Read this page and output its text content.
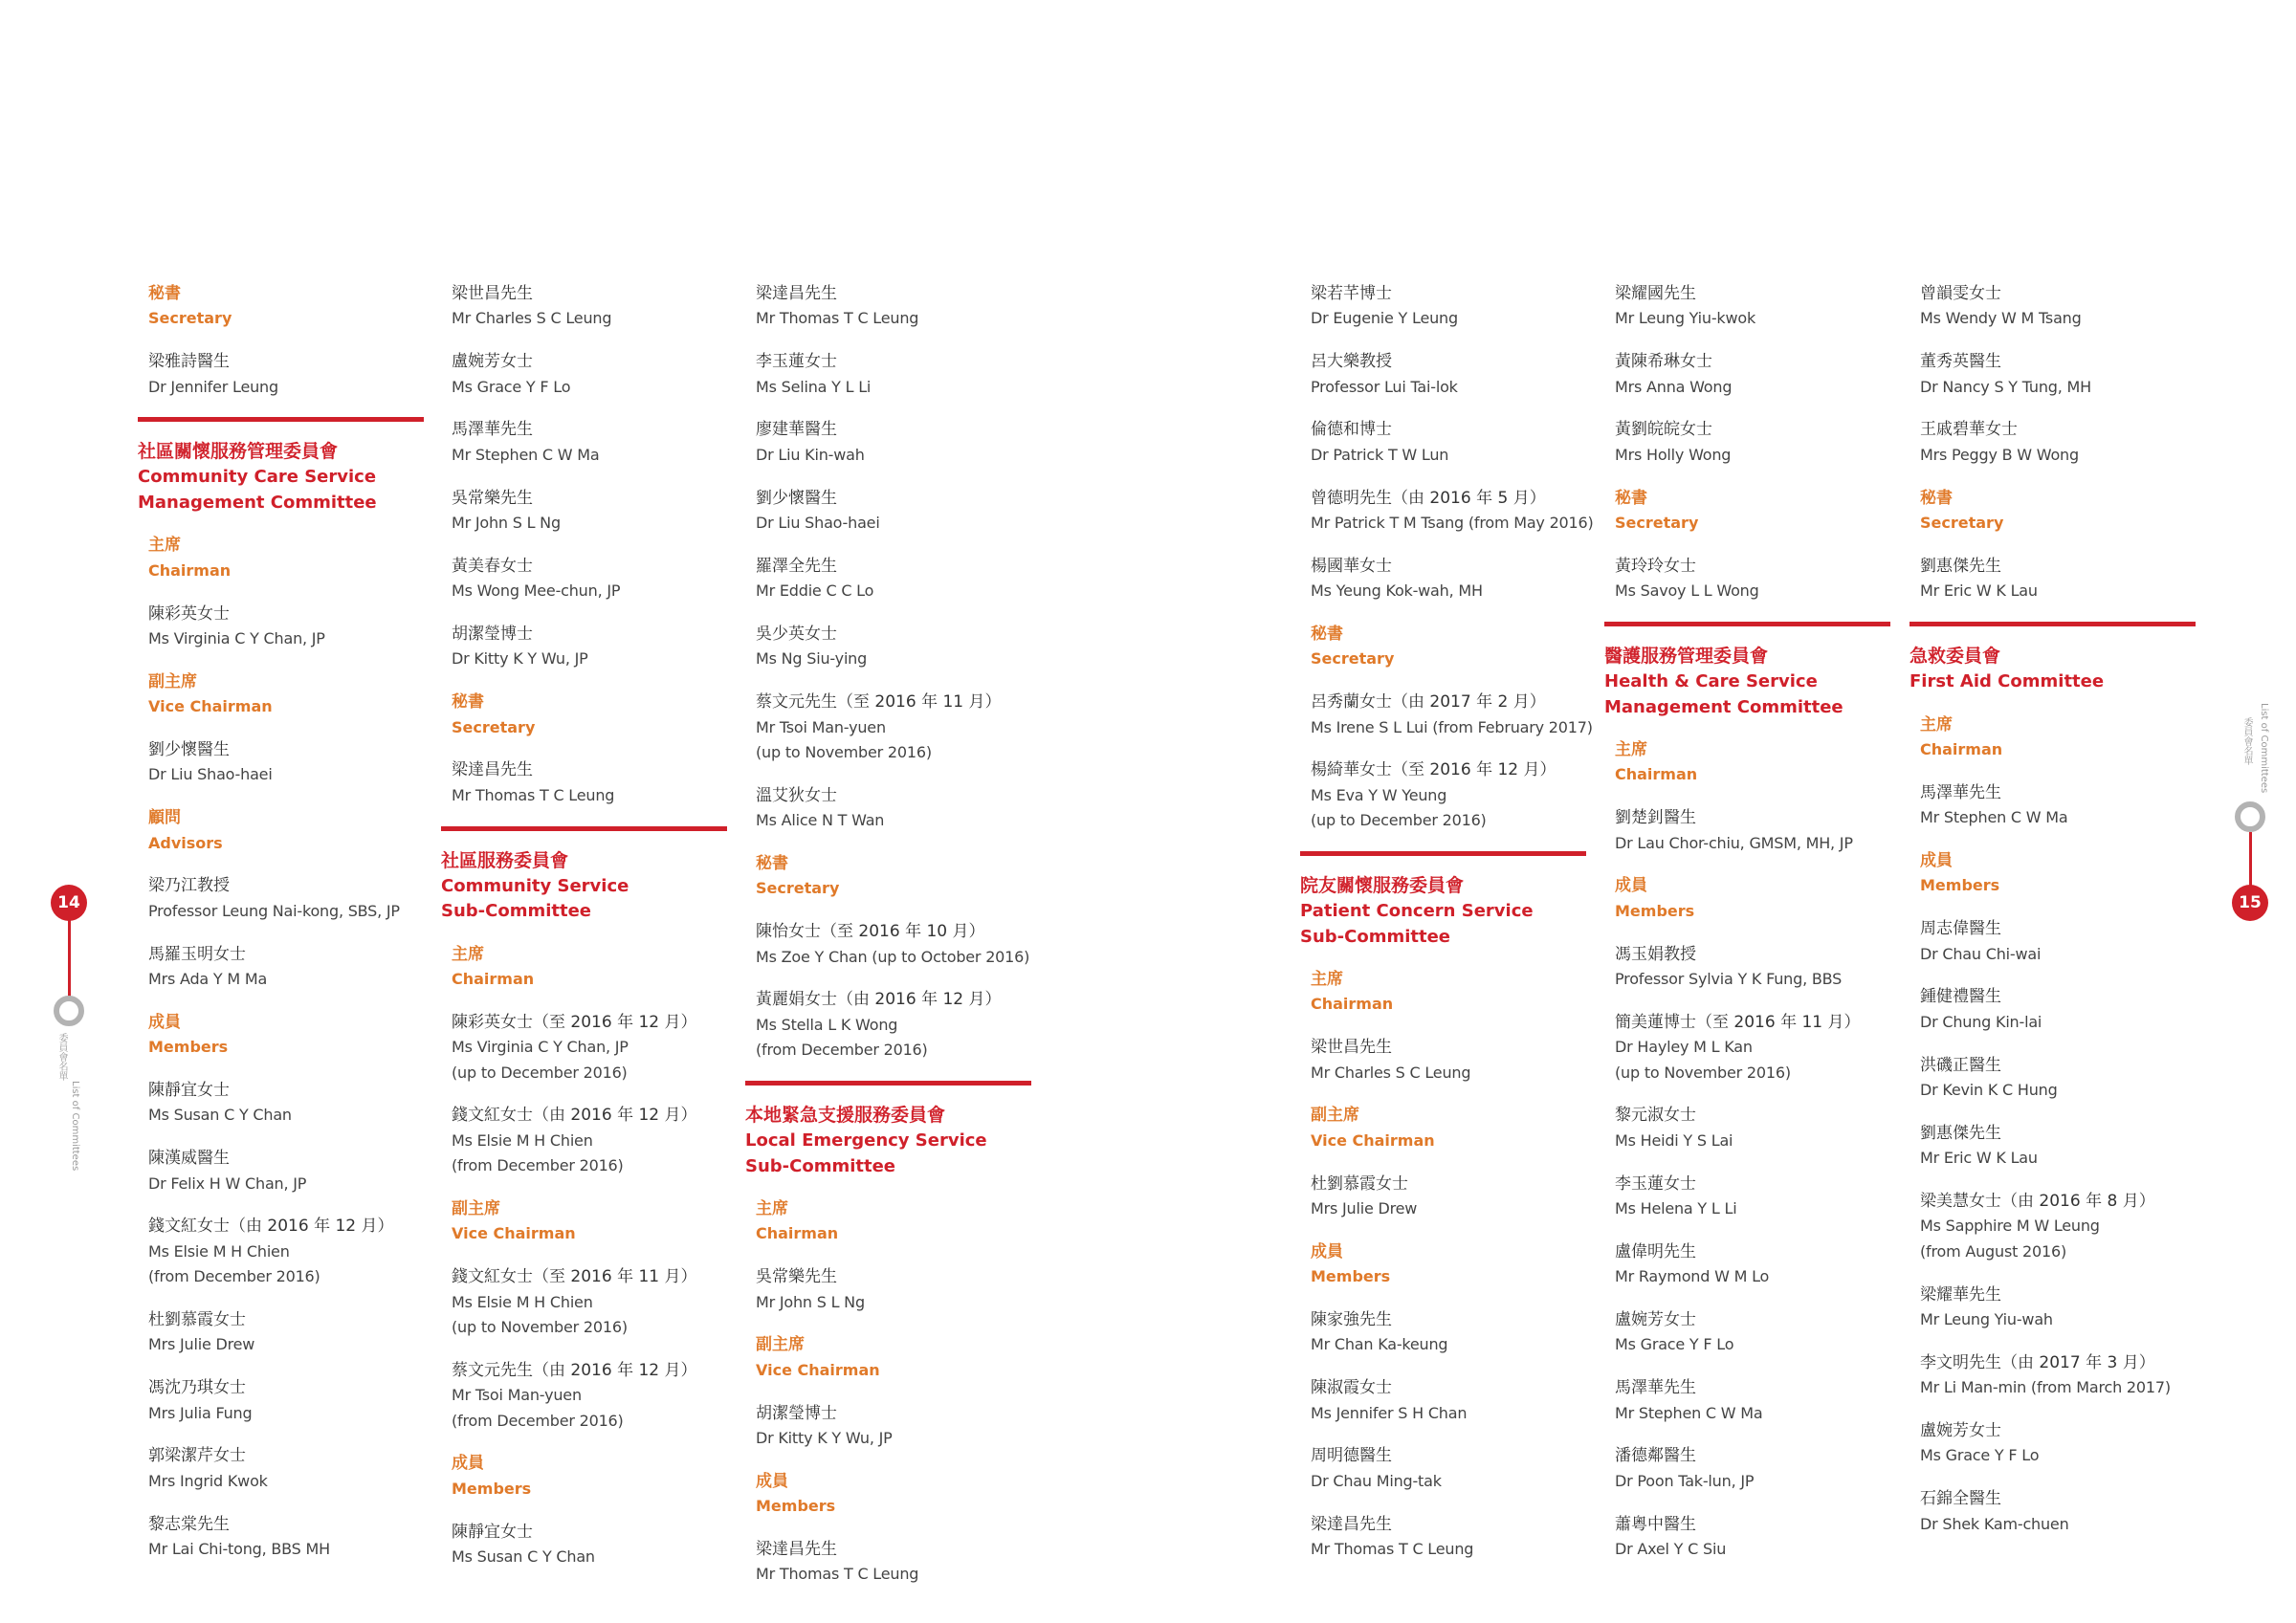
14
List of Committees
委員會名單
15
List of Committees
委員會名單
秘書
Secretary
梁雅詩醫生
Dr Jennifer Leung
社區關懷服務管理委員會
Community Care Service
Management Committee
主席
Chairman
陳彩英女士
Ms Virginia C Y Chan, JP
副主席
Vice Chairman
劉少懷醫生
Dr Liu Shao-haei
顧問
Advisors
梁乃江教授
Professor Leung Nai-kong, SBS, JP
馬羅玉明女士
Mrs Ada Y M Ma
成員
Members
陳靜宜女士
Ms Susan C Y Chan
陳漢威醫生
Dr Felix H W Chan, JP
錢文紅女士（由 2016 年 12 月）
Ms Elsie M H Chien
(from December 2016)
杜劉慕霞女士
Mrs Julie Drew
馮沈乃琪女士
Mrs Julia Fung
郭梁潔芹女士
Mrs Ingrid Kwok
黎志棠先生
Mr Lai Chi-tong, BBS MH
梁世昌先生
Mr Charles S C Leung
盧婉芳女士
Ms Grace Y F Lo
馬澤華先生
Mr Stephen C W Ma
吳常樂先生
Mr John S L Ng
黃美春女士
Ms Wong Mee-chun, JP
胡潔瑩博士
Dr Kitty K Y Wu, JP
秘書
Secretary
梁達昌先生
Mr Thomas T C Leung
社區服務委員會
Community Service
Sub-Committee
主席
Chairman
陳彩英女士（至 2016 年 12 月）
Ms Virginia C Y Chan, JP
(up to December 2016)
錢文紅女士（由 2016 年 12 月）
Ms Elsie M H Chien
(from December 2016)
副主席
Vice Chairman
錢文紅女士（至 2016 年 11 月）
Ms Elsie M H Chien
(up to November 2016)
蔡文元先生（由 2016 年 12 月）
Mr Tsoi Man-yuen
(from December 2016)
成員
Members
陳靜宜女士
Ms Susan C Y Chan
梁達昌先生
Mr Thomas T C Leung
李玉蓮女士
Ms Selina Y L Li
廖建華醫生
Dr Liu Kin-wah
劉少懷醫生
Dr Liu Shao-haei
羅澤全先生
Mr Eddie C C Lo
吳少英女士
Ms Ng Siu-ying
蔡文元先生（至 2016 年 11 月）
Mr Tsoi Man-yuen
(up to November 2016)
溫艾狄女士
Ms Alice N T Wan
秘書
Secretary
陳怡女士（至 2016 年 10 月）
Ms Zoe Y Chan (up to October 2016)
黃麗娟女士（由 2016 年 12 月）
Ms Stella L K Wong
(from December 2016)
本地緊急支援服務委員會
Local Emergency Service
Sub-Committee
主席
Chairman
吳常樂先生
Mr John S L Ng
副主席
Vice Chairman
胡潔瑩博士
Dr Kitty K Y Wu, JP
成員
Members
梁達昌先生
Mr Thomas T C Leung
梁若芊博士
Dr Eugenie Y Leung
呂大樂教授
Professor Lui Tai-lok
倫德和博士
Dr Patrick T W Lun
曾德明先生（由 2016 年 5 月）
Mr Patrick T M Tsang (from May 2016)
楊國華女士
Ms Yeung Kok-wah, MH
秘書
Secretary
呂秀蘭女士（由 2017 年 2 月）
Ms Irene S L Lui (from February 2017)
楊綺華女士（至 2016 年 12 月）
Ms Eva Y W Yeung
(up to December 2016)
院友關懷服務委員會
Patient Concern Service
Sub-Committee
主席
Chairman
梁世昌先生
Mr Charles S C Leung
副主席
Vice Chairman
杜劉慕霞女士
Mrs Julie Drew
成員
Members
陳家強先生
Mr Chan Ka-keung
陳淑霞女士
Ms Jennifer S H Chan
周明德醫生
Dr Chau Ming-tak
梁達昌先生
Mr Thomas T C Leung
梁耀國先生
Mr Leung Yiu-kwok
黃陳希琳女士
Mrs Anna Wong
黃劉皖皖女士
Mrs Holly Wong
秘書
Secretary
黃玲玲女士
Ms Savoy L L Wong
醫護服務管理委員會
Health & Care Service
Management Committee
主席
Chairman
劉楚釗醫生
Dr Lau Chor-chiu, GMSM, MH, JP
成員
Members
馮玉娟教授
Professor Sylvia Y K Fung, BBS
簡美蓮博士（至 2016 年 11 月）
Dr Hayley M L Kan
(up to November 2016)
黎元淑女士
Ms Heidi Y S Lai
李玉蓮女士
Ms Helena Y L Li
盧偉明先生
Mr Raymond W M Lo
盧婉芳女士
Ms Grace Y F Lo
馬澤華先生
Mr Stephen C W Ma
潘德鄰醫生
Dr Poon Tak-lun, JP
蕭粵中醫生
Dr Axel Y C Siu
曾韻雯女士
Ms Wendy W M Tsang
董秀英醫生
Dr Nancy S Y Tung, MH
王戚碧華女士
Mrs Peggy B W Wong
秘書
Secretary
劉惠傑先生
Mr Eric W K Lau
急救委員會
First Aid Committee
主席
Chairman
馬澤華先生
Mr Stephen C W Ma
成員
Members
周志偉醫生
Dr Chau Chi-wai
鍾健禮醫生
Dr Chung Kin-lai
洪磯正醫生
Dr Kevin K C Hung
劉惠傑先生
Mr Eric W K Lau
梁美慧女士（由 2016 年 8 月）
Ms Sapphire M W Leung
(from August 2016)
梁耀華先生
Mr Leung Yiu-wah
李文明先生（由 2017 年 3 月）
Mr Li Man-min (from March 2017)
盧婉芳女士
Ms Grace Y F Lo
石錦全醫生
Dr Shek Kam-chuen
